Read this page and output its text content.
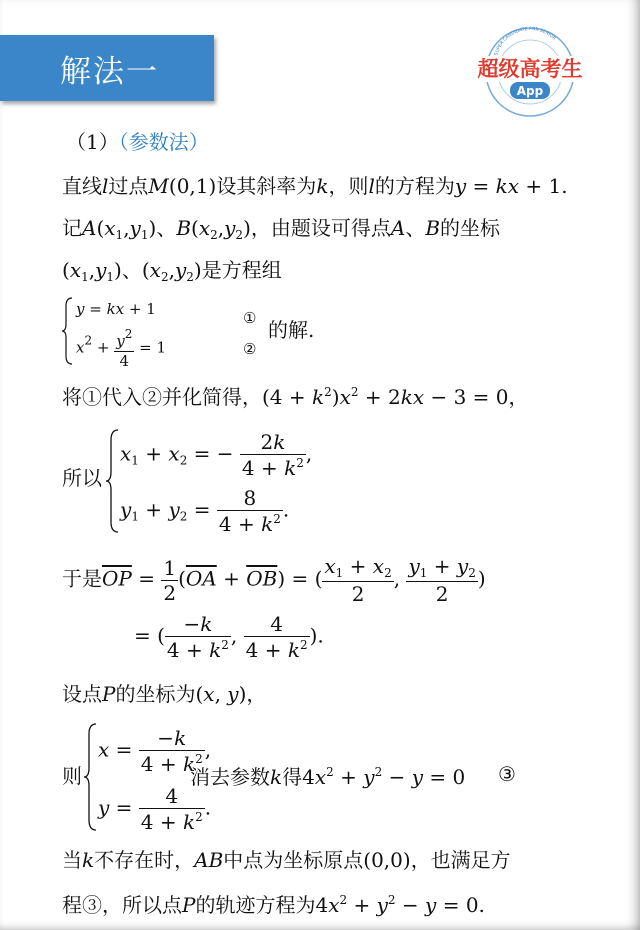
解法一	超级高考生
App
SUPER CANDIDATE FOR SENIOR
（1）（参数法）
直线l过点M(0,1)设其斜率为k，则l的方程为y = kx + 1.
记$A(x_1,y_1)$、$B(x_2,y_2)$，由题设可得点A、B的坐标
$(x_1,y_1)$、$(x_2,y_2)$是方程组
y = kx + 1
$x^2 + \frac{y^2}{4} = 1$
①
②
的解.
将①代入②并化简得，$(4 + k^2)x^2 + 2kx - 3 = 0$，
所以
$x_1 + x_2$ = − $\frac{2k}{4 + k^2}$ ,
$y_1 + y_2 = \frac{8}{4 + k^2}$ .
于是$\overline{OP} = \frac{1}{2} (\overline{OA} + \overline{OB})$ = ( $\frac{x_1 + x_2}{2}$ , $\frac{y_1 + y_2}{2}$ )
= ( $\frac{-k}{4 + k^2}$ , $\frac{4}{4 + k^2}$ ).
设点P的坐标为(x, y)，
则
$x = \frac{-k}{4 + k^2}$ ,
$y = \frac{4}{4 + k^2}$ .
消去参数k得$4x^2 + y^2 - y = 0$ ③
当k不存在时，AB中点为坐标原点(0,0)，也满足方
程③，所以点P的轨迹方程为$4x^2 + y^2 - y = 0$.
